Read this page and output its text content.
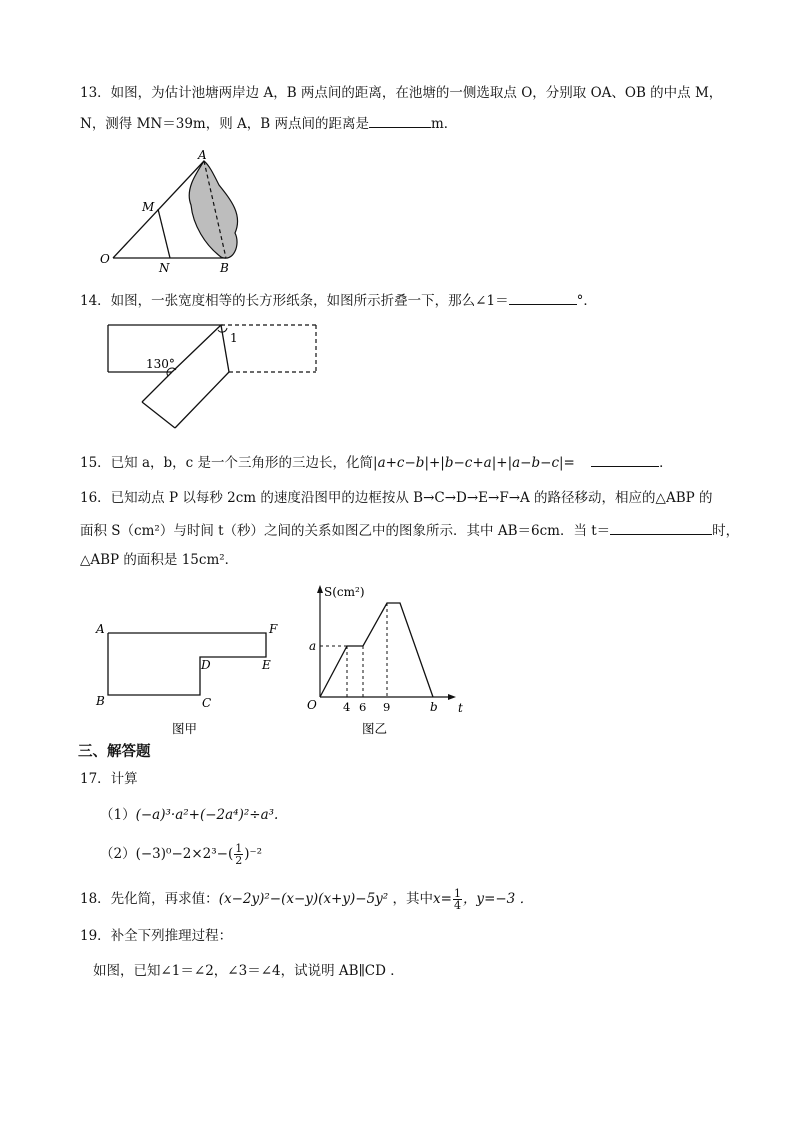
13．如图，为估计池塘两岸边 A，B 两点间的距离，在池塘的一侧选取点 O，分别取 OA、OB 的中点 M，
N，测得 MN＝39m，则 A，B 两点间的距离是	m．
A
M
O
N	B
14．如图，一张宽度相等的长方形纸条，如图所示折叠一下，那么∠1＝	°．
130°
1
15．已知 a，b，c 是一个三角形的三边长，化简|a+c−b|+|b−c+a|+|a−b−c|=	．
16．已知动点 P 以每秒 2cm 的速度沿图甲的边框按从 B→C→D→E→F→A 的路径移动，相应的△ABP 的
面积 S（cm²）与时间 t（秒）之间的关系如图乙中的图象所示．其中 AB＝6cm．当 t＝	时，
△ABP 的面积是 15cm²．
A	F
D	E
B	C
图甲
S(cm²)
t
O
a
4 6 9	b
图乙
三、解答题
17．计算
（1）(−a)³·a²+(−2a⁴)²÷a³.
$(2)(-3)^0-2\times 2^3-( \frac{1}{2} )^{-2}$
18．先化简，再求值：(x−2y)²−(x−y)(x+y)−5y² ，其中$x= \frac{1}{4}$ ，y=−3 ．
19．补全下列推理过程：
如图，已知∠1＝∠2，∠3＝∠4，试说明 AB∥CD ．
